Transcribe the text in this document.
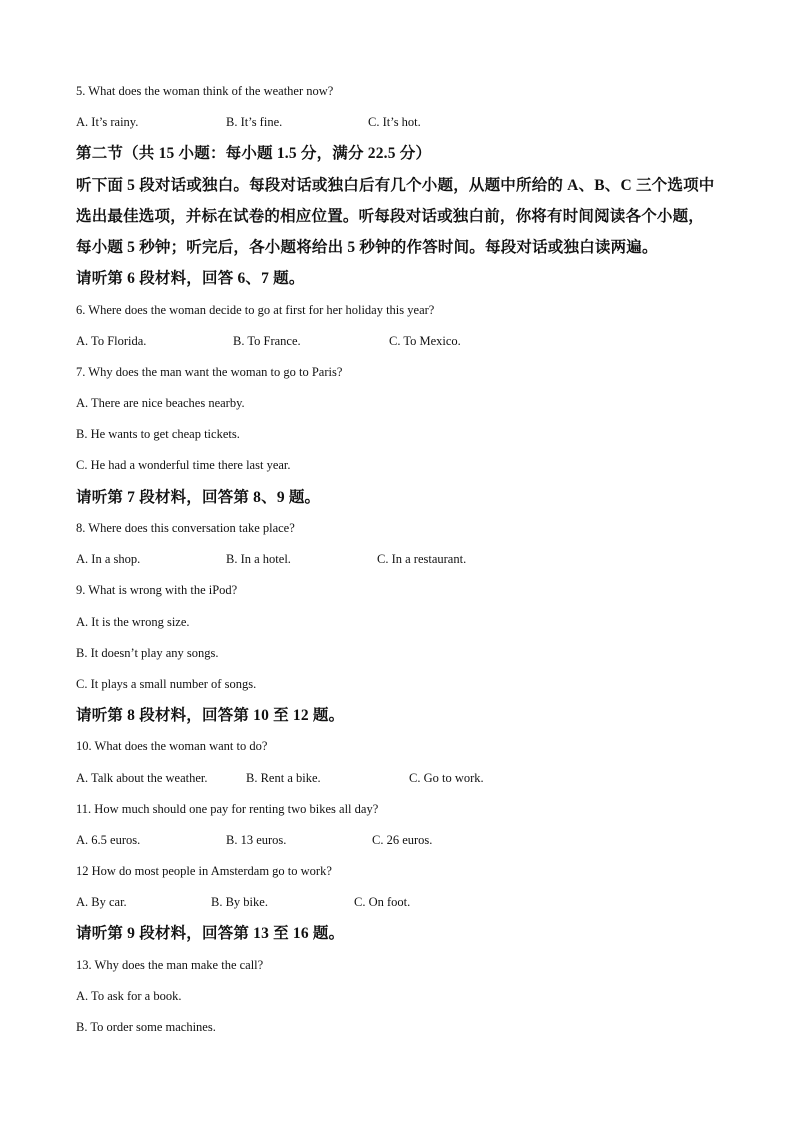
5. What does the woman think of the weather now?
A. It’s rainy.	B. It’s fine.	C. It’s hot.
第二节（共 15 小题：每小题 1.5 分，满分 22.5 分）
听下面 5 段对话或独白。每段对话或独白后有几个小题，从题中所给的 A、B、C 三个选项中
选出最佳选项，并标在试卷的相应位置。听每段对话或独白前，你将有时间阅读各个小题，
每小题 5 秒钟；听完后，各小题将给出 5 秒钟的作答时间。每段对话或独白读两遍。
请听第 6 段材料，回答 6、7 题。
6. Where does the woman decide to go at first for her holiday this year?
A. To Florida.	B. To France.	C. To Mexico.
7. Why does the man want the woman to go to Paris?
A. There are nice beaches nearby.
B. He wants to get cheap tickets.
C. He had a wonderful time there last year.
请听第 7 段材料，回答第 8、9 题。
8. Where does this conversation take place?
A. In a shop.	B. In a hotel.	C. In a restaurant.
9. What is wrong with the iPod?
A. It is the wrong size.
B. It doesn’t play any songs.
C. It plays a small number of songs.
请听第 8 段材料，回答第 10 至 12 题。
10. What does the woman want to do?
A. Talk about the weather.	B. Rent a bike.	C. Go to work.
11. How much should one pay for renting two bikes all day?
A. 6.5 euros.	B. 13 euros.	C. 26 euros.
12 How do most people in Amsterdam go to work?
A. By car.	B. By bike.	C. On foot.
请听第 9 段材料，回答第 13 至 16 题。
13. Why does the man make the call?
A. To ask for a book.
B. To order some machines.
